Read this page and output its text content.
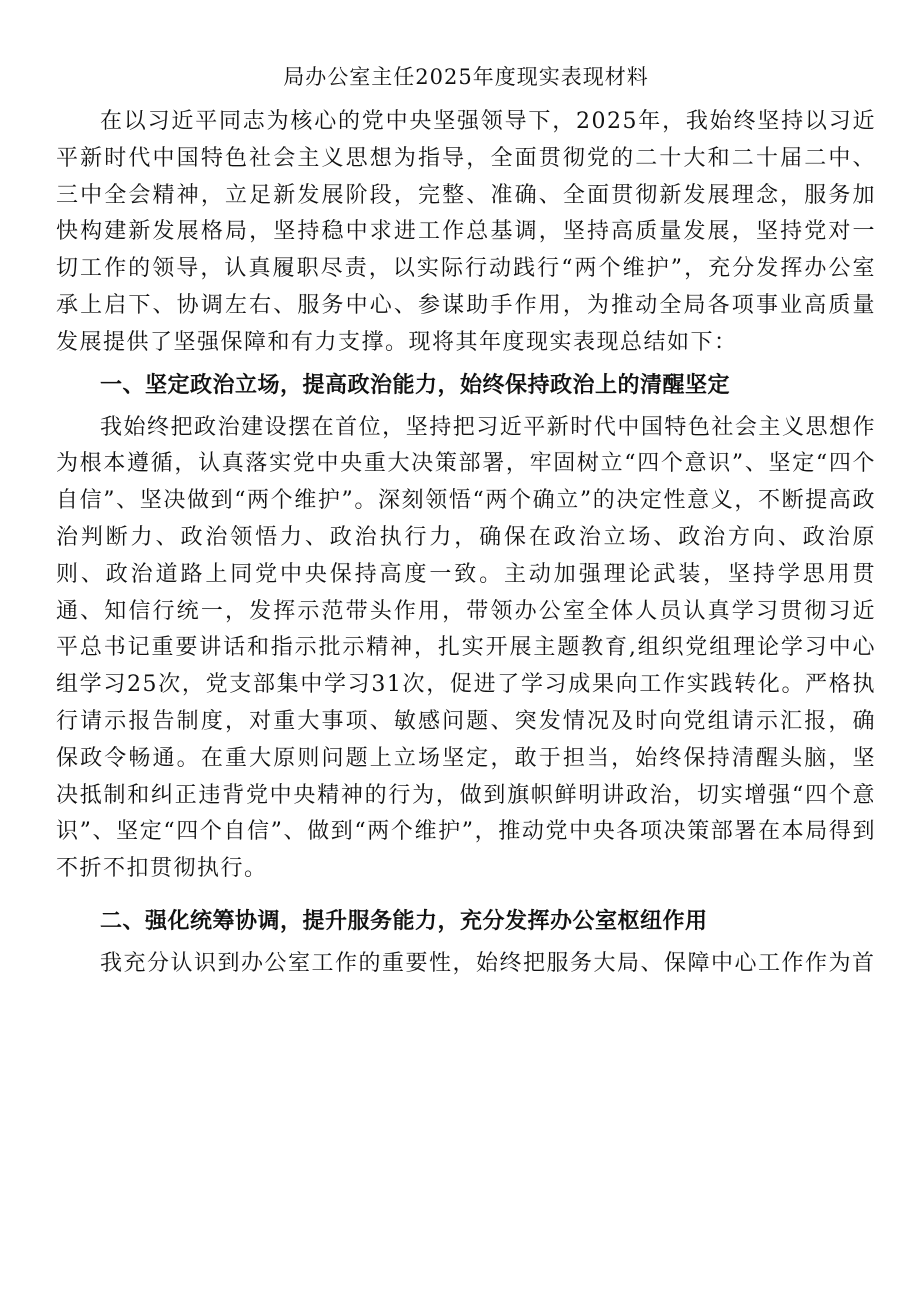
局办公室主任2025年度现实表现材料

在以习近平同志为核心的党中央坚强领导下，2025年，我始终坚持以习近平新时代中国特色社会主义思想为指导，全面贯彻党的二十大和二十届二中、三中全会精神，立足新发展阶段，完整、准确、全面贯彻新发展理念，服务加快构建新发展格局，坚持稳中求进工作总基调，坚持高质量发展，坚持党对一切工作的领导，认真履职尽责，以实际行动践行“两个维护”，充分发挥办公室承上启下、协调左右、服务中心、参谋助手作用，为推动全局各项事业高质量发展提供了坚强保障和有力支撑。现将其年度现实表现总结如下：

一、坚定政治立场，提高政治能力，始终保持政治上的清醒坚定

我始终把政治建设摆在首位，坚持把习近平新时代中国特色社会主义思想作为根本遵循，认真落实党中央重大决策部署，牢固树立“四个意识”、坚定“四个自信”、坚决做到“两个维护”。深刻领悟“两个确立”的决定性意义，不断提高政治判断力、政治领悟力、政治执行力，确保在政治立场、政治方向、政治原则、政治道路上同党中央保持高度一致。主动加强理论武装，坚持学思用贯通、知信行统一，发挥示范带头作用，带领办公室全体人员认真学习贯彻习近平总书记重要讲话和指示批示精神，扎实开展主题教育,组织党组理论学习中心组学习25次，党支部集中学习31次，促进了学习成果向工作实践转化。严格执行请示报告制度，对重大事项、敏感问题、突发情况及时向党组请示汇报，确保政令畅通。在重大原则问题上立场坚定，敢于担当，始终保持清醒头脑，坚决抵制和纠正违背党中央精神的行为，做到旗帜鲜明讲政治，切实增强“四个意识”、坚定“四个自信”、做到“两个维护”，推动党中央各项决策部署在本局得到不折不扣贯彻执行。

二、强化统筹协调，提升服务能力，充分发挥办公室枢纽作用

我充分认识到办公室工作的重要性，始终把服务大局、保障中心工作作为首
